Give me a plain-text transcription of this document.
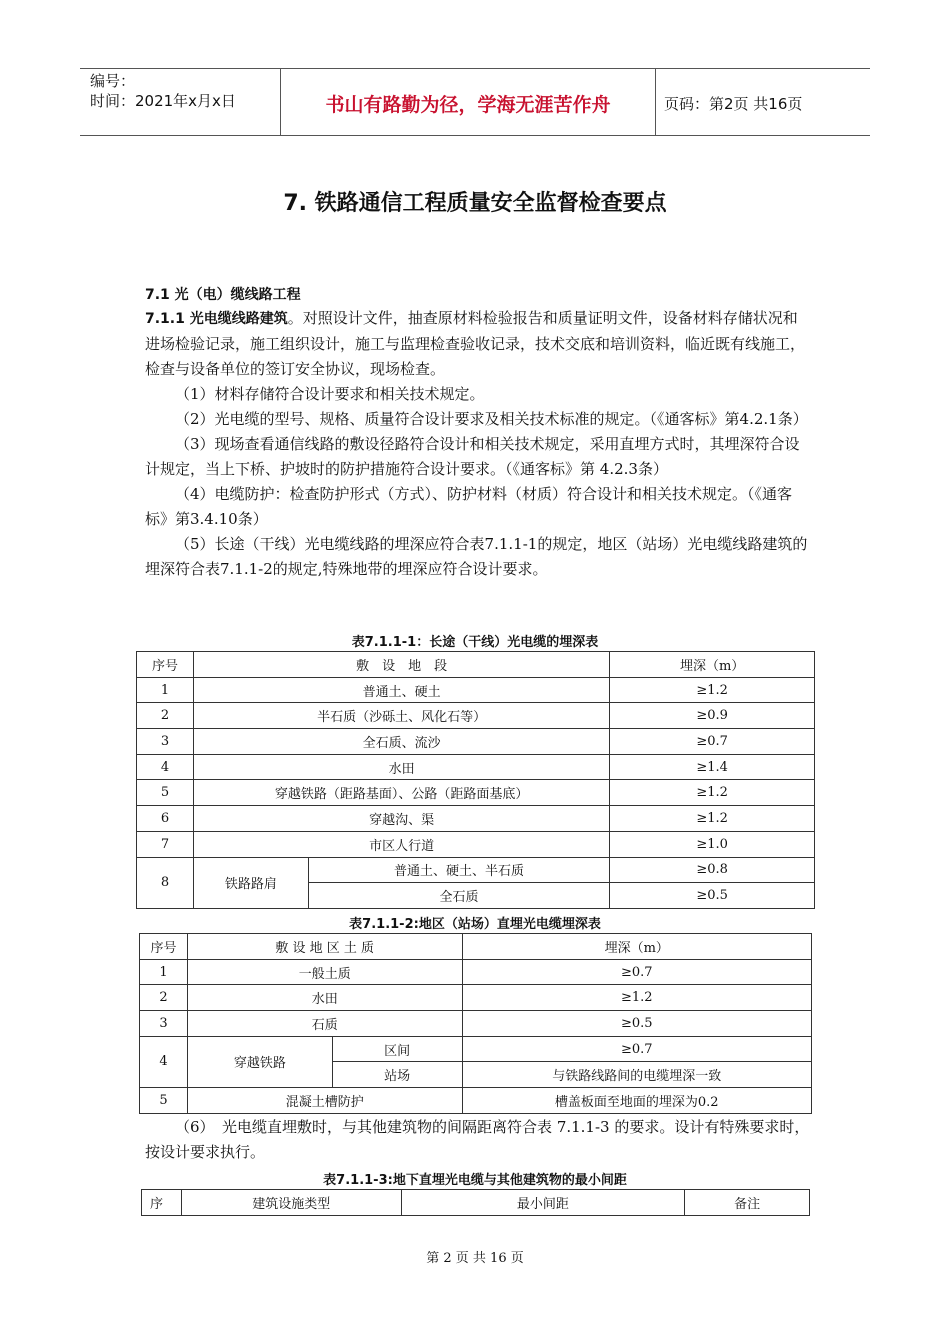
编号：
时间：2021年x月x日	书山有路勤为径，学海无涯苦作舟	页码：第2页 共16页
7. 铁路通信工程质量安全监督检查要点
7.1 光（电）缆线路工程

7.1.1 光电缆线路建筑。对照设计文件，抽查原材料检验报告和质量证明文件，设备材料存储状况和进场检验记录，施工组织设计，施工与监理检查验收记录，技术交底和培训资料，临近既有线施工，检查与设备单位的签订安全协议，现场检查。

（1）材料存储符合设计要求和相关技术规定。

（2）光电缆的型号、规格、质量符合设计要求及相关技术标准的规定。（《通客标》第4.2.1条）

（3）现场查看通信线路的敷设径路符合设计和相关技术规定，采用直埋方式时，其埋深符合设计规定，当上下桥、护坡时的防护措施符合设计要求。（《通客标》第 4.2.3条）

（4）电缆防护：检查防护形式（方式）、防护材料（材质）符合设计和相关技术规定。（《通客标》第3.4.10条）

（5）长途（干线）光电缆线路的埋深应符合表7.1.1-1的规定，地区（站场）光电缆线路建筑的埋深符合表7.1.1-2的规定,特殊地带的埋深应符合设计要求。

表7.1.1-1：长途（干线）光电缆的埋深表
序号	敷　设　地　段		埋深（m）
1	普通土、硬土		≥1.2
2	半石质（沙砾土、风化石等）		≥0.9
3	全石质、流沙		≥0.7
4	水田		≥1.4
5	穿越铁路（距路基面）、公路（距路面基底）		≥1.2
6	穿越沟、渠		≥1.2
7	市区人行道		≥1.0
8	铁路路肩	普通土、硬土、半石质	≥0.8
		全石质	≥0.5
表7.1.1-2:地区（站场）直埋光电缆埋深表
序号	敷 设 地 区 土 质		埋深（m）
1	一般土质		≥0.7
2	水田		≥1.2
3	石质		≥0.5
4	穿越铁路	区间	≥0.7
		站场	与铁路线路间的电缆埋深一致
5	混凝土槽防护		槽盖板面至地面的埋深为0.2
（6）　光电缆直埋敷时，与其他建筑物的间隔距离符合表 7.1.1-3 的要求。设计有特殊要求时，按设计要求执行。
表7.1.1-3:地下直埋光电缆与其他建筑物的最小间距
序	建筑设施类型	最小间距	备注
第 2 页 共 16 页
